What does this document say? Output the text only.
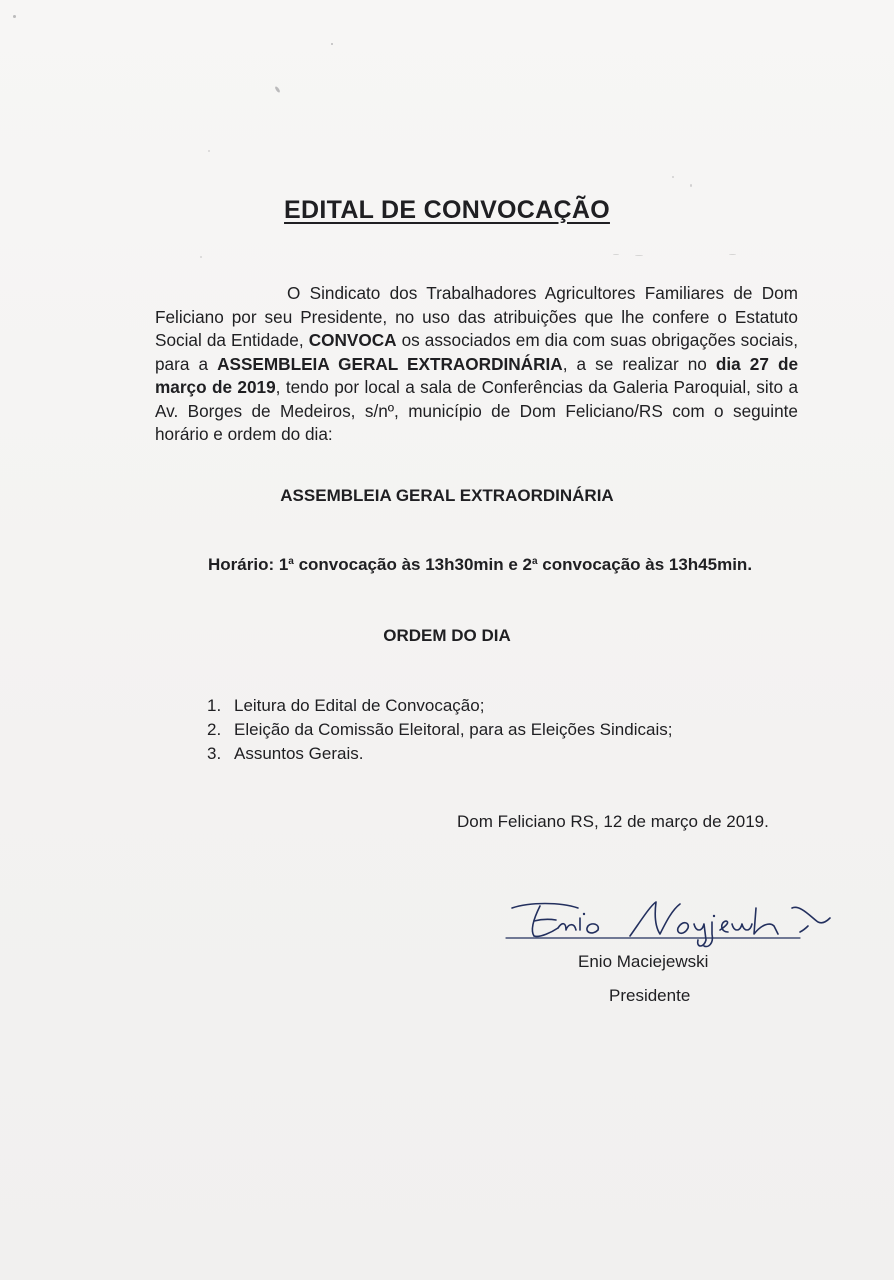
EDITAL DE CONVOCAÇÃO

O Sindicato dos Trabalhadores Agricultores Familiares de Dom Feliciano por seu Presidente, no uso das atribuições que lhe confere o Estatuto Social da Entidade, CONVOCA os associados em dia com suas obrigações sociais, para a ASSEMBLEIA GERAL EXTRAORDINÁRIA, a se realizar no dia 27 de março de 2019, tendo por local a sala de Conferências da Galeria Paroquial, sito a Av. Borges de Medeiros, s/nº, município de Dom Feliciano/RS com o seguinte horário e ordem do dia:

ASSEMBLEIA GERAL EXTRAORDINÁRIA

Horário: 1$^a$ convocação às 13h30min e 2$^a$ convocação às 13h45min.

ORDEM DO DIA
1. Leitura do Edital de Convocação;
2. Eleição da Comissão Eleitoral, para as Eleições Sindicais;
3. Assuntos Gerais.

Dom Feliciano RS, 12 de março de 2019.

Enio Maciejewski

Presidente
